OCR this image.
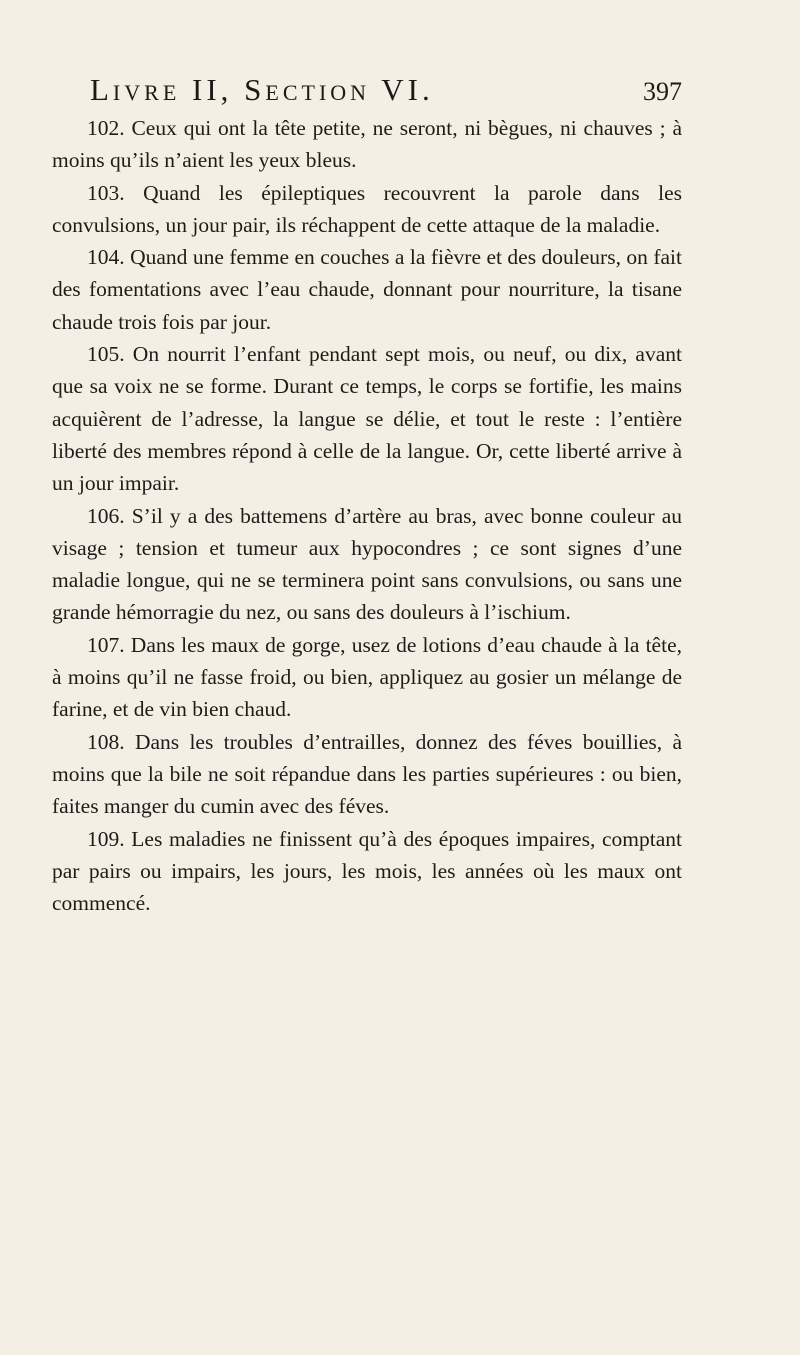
Livre II, Section VI.	397

102. Ceux qui ont la tête petite, ne seront, ni bègues, ni chauves ; à moins qu’ils n’aient les yeux bleus.

103. Quand les épileptiques recouvrent la parole dans les convulsions, un jour pair, ils réchappent de cette attaque de la maladie.

104. Quand une femme en couches a la fièvre et des douleurs, on fait des fomentations avec l’eau chaude, donnant pour nourriture, la tisane chaude trois fois par jour.

105. On nourrit l’enfant pendant sept mois, ou neuf, ou dix, avant que sa voix ne se forme. Durant ce temps, le corps se fortifie, les mains acquièrent de l’adresse, la langue se délie, et tout le reste : l’entière liberté des membres répond à celle de la langue. Or, cette liberté arrive à un jour impair.

106. S’il y a des battemens d’artère au bras, avec bonne couleur au visage ; tension et tumeur aux hypocondres ; ce sont signes d’une maladie longue, qui ne se terminera point sans convulsions, ou sans une grande hémorragie du nez, ou sans des douleurs à l’ischium.

107. Dans les maux de gorge, usez de lotions d’eau chaude à la tête, à moins qu’il ne fasse froid, ou bien, appliquez au gosier un mélange de farine, et de vin bien chaud.

108. Dans les troubles d’entrailles, donnez des féves bouillies, à moins que la bile ne soit répandue dans les parties supérieures : ou bien, faites manger du cumin avec des féves.

109. Les maladies ne finissent qu’à des époques impaires, comptant par pairs ou impairs, les jours, les mois, les années où les maux ont commencé.
